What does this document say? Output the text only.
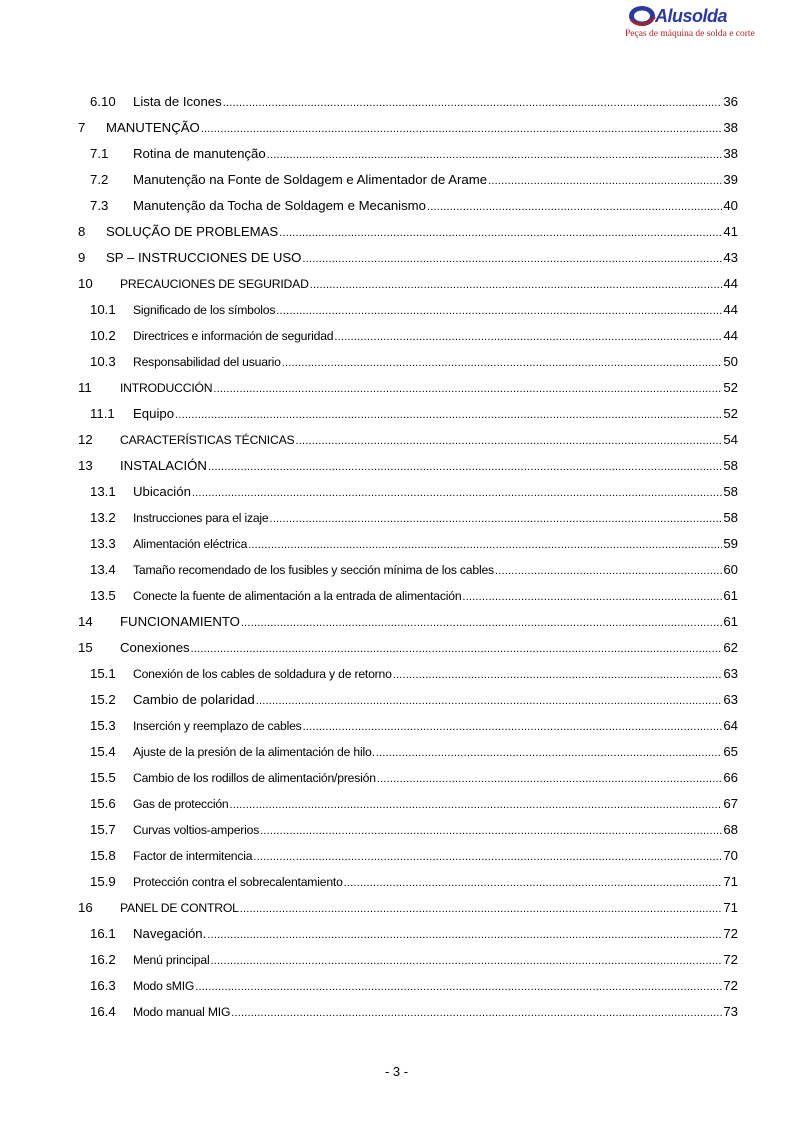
Alusolda
Peças de máquina de solda e corte
6.10	Lista de Icones .....	36
7	MANUTENÇÃO .....	38
7.1	Rotina de manutenção .....	38
7.2	Manutenção na Fonte de Soldagem e Alimentador de Arame .....	39
7.3	Manutenção da Tocha de Soldagem e Mecanismo .....	40
8	SOLUÇÃO DE PROBLEMAS .....	41
9	SP – INSTRUCCIONES DE USO .....	43
10	PRECAUCIONES DE SEGURIDAD .....	44
10.1	Significado de los símbolos .....	44
10.2	Directrices e información de seguridad .....	44
10.3	Responsabilidad del usuario .....	50
11	INTRODUCCIÓN .....	52
11.1	Equipo .....	52
12	CARACTERÍSTICAS TÉCNICAS .....	54
13	INSTALACIÓN .....	58
13.1	Ubicación .....	58
13.2	Instrucciones para el izaje .....	58
13.3	Alimentación eléctrica .....	59
13.4	Tamaño recomendado de los fusibles y sección mínima de los cables .....	60
13.5	Conecte la fuente de alimentación a la entrada de alimentación .....	61
14	FUNCIONAMIENTO .....	61
15	Conexiones .....	62
15.1	Conexión de los cables de soldadura y de retorno .....	63
15.2	Cambio de polaridad .....	63
15.3	Inserción y reemplazo de cables .....	64
15.4	Ajuste de la presión de la alimentación de hilo. .....	65
15.5	Cambio de los rodillos de alimentación/presión .....	66
15.6	Gas de protección .....	67
15.7	Curvas voltios-amperios .....	68
15.8	Factor de intermitencia .....	70
15.9	Protección contra el sobrecalentamiento .....	71
16	PANEL DE CONTROL .....	71
16.1	Navegación. .....	72
16.2	Menú principal .....	72
16.3	Modo sMIG .....	72
16.4	Modo manual MIG .....	73
- 3 -
